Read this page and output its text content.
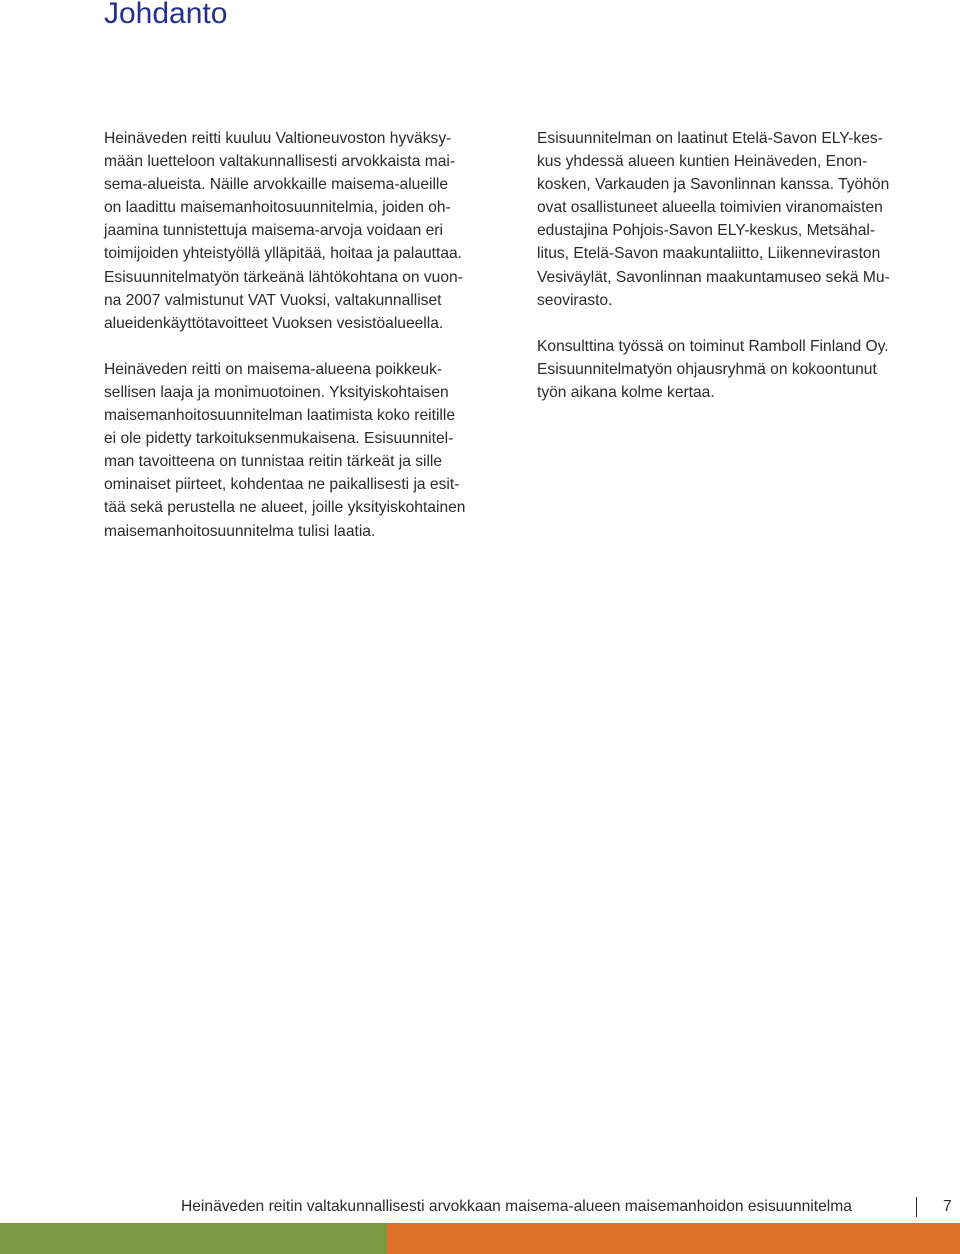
Johdanto

Heinäveden reitti kuuluu Valtioneuvoston hyväksy-
mään luetteloon valtakunnallisesti arvokkaista mai-
sema-alueista. Näille arvokkaille maisema-alueille
on laadittu maisemanhoitosuunnitelmia, joiden oh-
jaamina tunnistettuja maisema-arvoja voidaan eri
toimijoiden yhteistyöllä ylläpitää, hoitaa ja palauttaa.
Esisuunnitelmatyön tärkeänä lähtökohtana on vuon-
na 2007 valmistunut VAT Vuoksi, valtakunnalliset
alueidenkäyttötavoitteet Vuoksen vesistöalueella.

Heinäveden reitti on maisema-alueena poikkeuk-
sellisen laaja ja monimuotoinen. Yksityiskohtaisen
maisemanhoitosuunnitelman laatimista koko reitille
ei ole pidetty tarkoituksenmukaisena. Esisuunnitel-
man tavoitteena on tunnistaa reitin tärkeät ja sille
ominaiset piirteet, kohdentaa ne paikallisesti ja esit-
tää sekä perustella ne alueet, joille yksityiskohtainen
maisemanhoitosuunnitelma tulisi laatia.

Esisuunnitelman on laatinut Etelä-Savon ELY-kes-
kus yhdessä alueen kuntien Heinäveden, Enon-
kosken, Varkauden ja Savonlinnan kanssa. Työhön
ovat osallistuneet alueella toimivien viranomaisten
edustajina Pohjois-Savon ELY-keskus, Metsähal-
litus, Etelä-Savon maakuntaliitto, Liikenneviraston
Vesiväylät, Savonlinnan maakuntamuseo sekä Mu-
seovirasto.

Konsulttina työssä on toiminut Ramboll Finland Oy.
Esisuunnitelmatyön ohjausryhmä on kokoontunut
työn aikana kolme kertaa.

Heinäveden reitin valtakunnallisesti arvokkaan maisema-alueen maisemanhoidon esisuunnitelma	7
